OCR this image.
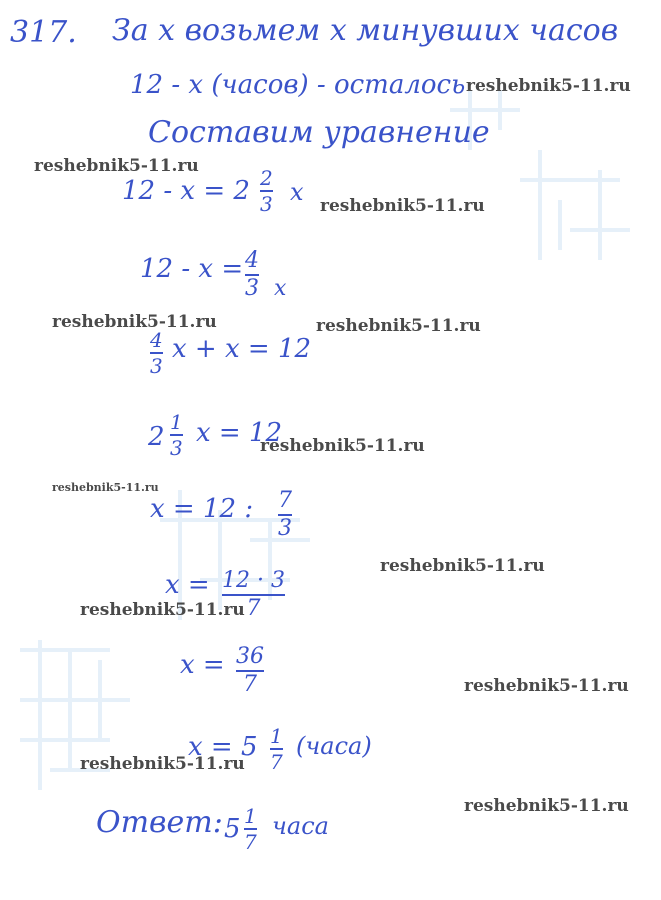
317. За x возьмем x минувших часов
12 - x (часов) - осталось
Составим уравнение
12 - x = 2 2
3 x
12 - x = 4
3 x
4
3
x + x = 12
2 1
3 x = 12
x = 12 : 7
3
x = 12 · 3
7
x = 36
7
x = 5 1
7
(часа)
Ответ: 5 1
7
часа
reshebnik5-11.ru
reshebnik5-11.ru
reshebnik5-11.ru
reshebnik5-11.ru	reshebnik5-11.ru
reshebnik5-11.ru
reshebnik5-11.ru
reshebnik5-11.ru
reshebnik5-11.ru
reshebnik5-11.ru
reshebnik5-11.ru
reshebnik5-11.ru
